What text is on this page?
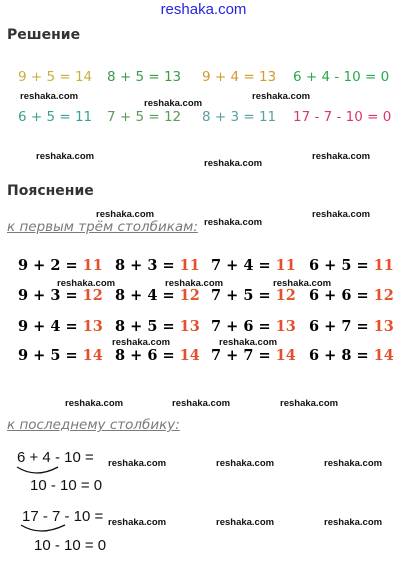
reshaka.com
Решение
9 + 5 = 14 8 + 5 = 13 9 + 4 = 13 6 + 4 - 10 = 0
6 + 5 = 11 7 + 5 = 12 8 + 3 = 11 17 - 7 - 10 = 0
reshaka.com
reshaka.com
reshaka.com
reshaka.com
reshaka.com
reshaka.com
Пояснение
reshaka.com
reshaka.com
reshaka.com
к первым трём столбикам:
9 + 2 = 11 8 + 3 = 11 7 + 4 = 11 6 + 5 = 11
9 + 3 = 12 8 + 4 = 12 7 + 5 = 12 6 + 6 = 12
9 + 4 = 13 8 + 5 = 13 7 + 6 = 13 6 + 7 = 13
9 + 5 = 14 8 + 6 = 14 7 + 7 = 14 6 + 8 = 14
reshaka.com	reshaka.com	reshaka.com
reshaka.com	reshaka.com
reshaka.com	reshaka.com	reshaka.com
к последнему столбику:
6 + 4 - 10 =
10 - 10 = 0
reshaka.com	reshaka.com	reshaka.com
17 - 7 - 10 =
10 - 10 = 0
reshaka.com	reshaka.com	reshaka.com
